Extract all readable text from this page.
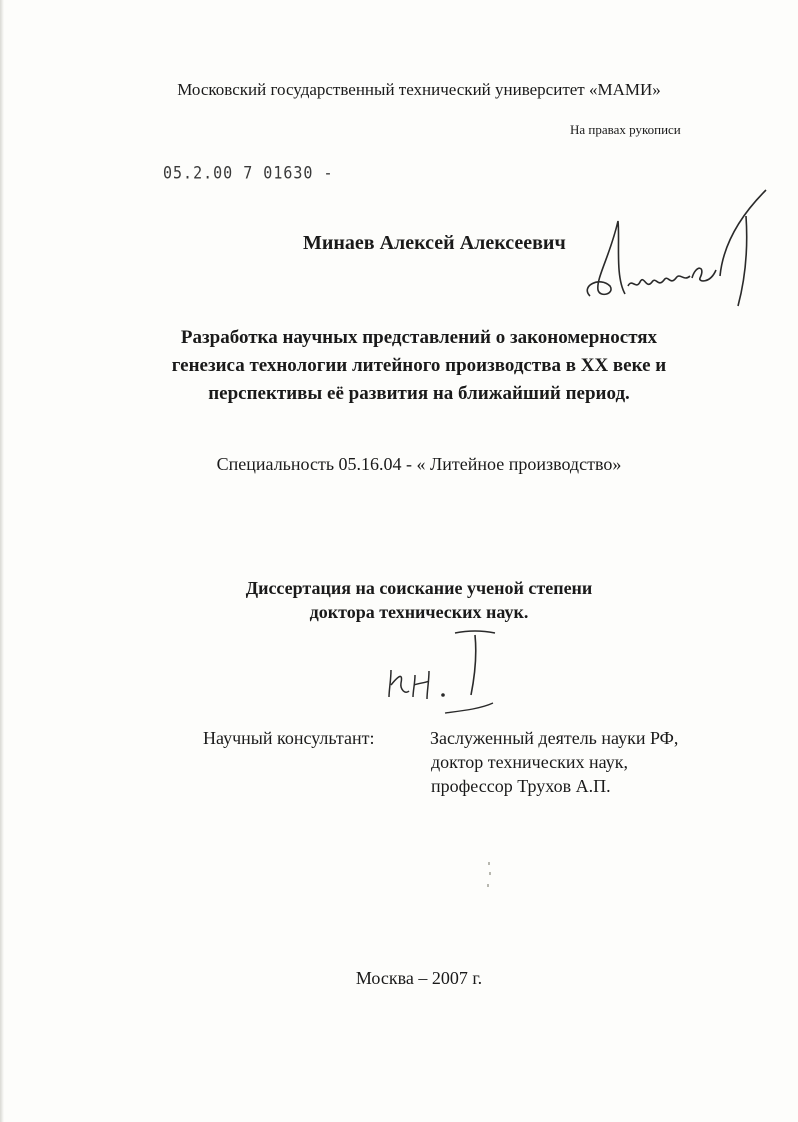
Московский государственный технический университет «МАМИ»
На правах рукописи
05.2.00 7 01630 -
Минаев Алексей Алексеевич
Разработка научных представлений о закономерностях
генезиса технологии литейного производства в XX веке и
перспективы её развития на ближайший период.
Специальность 05.16.04 - « Литейное производство»
Диссертация на соискание ученой степени
доктора технических наук.
Научный консультант:	Заслуженный деятель науки РФ,
доктор технических наук,
профессор Трухов А.П.
Москва – 2007 г.
